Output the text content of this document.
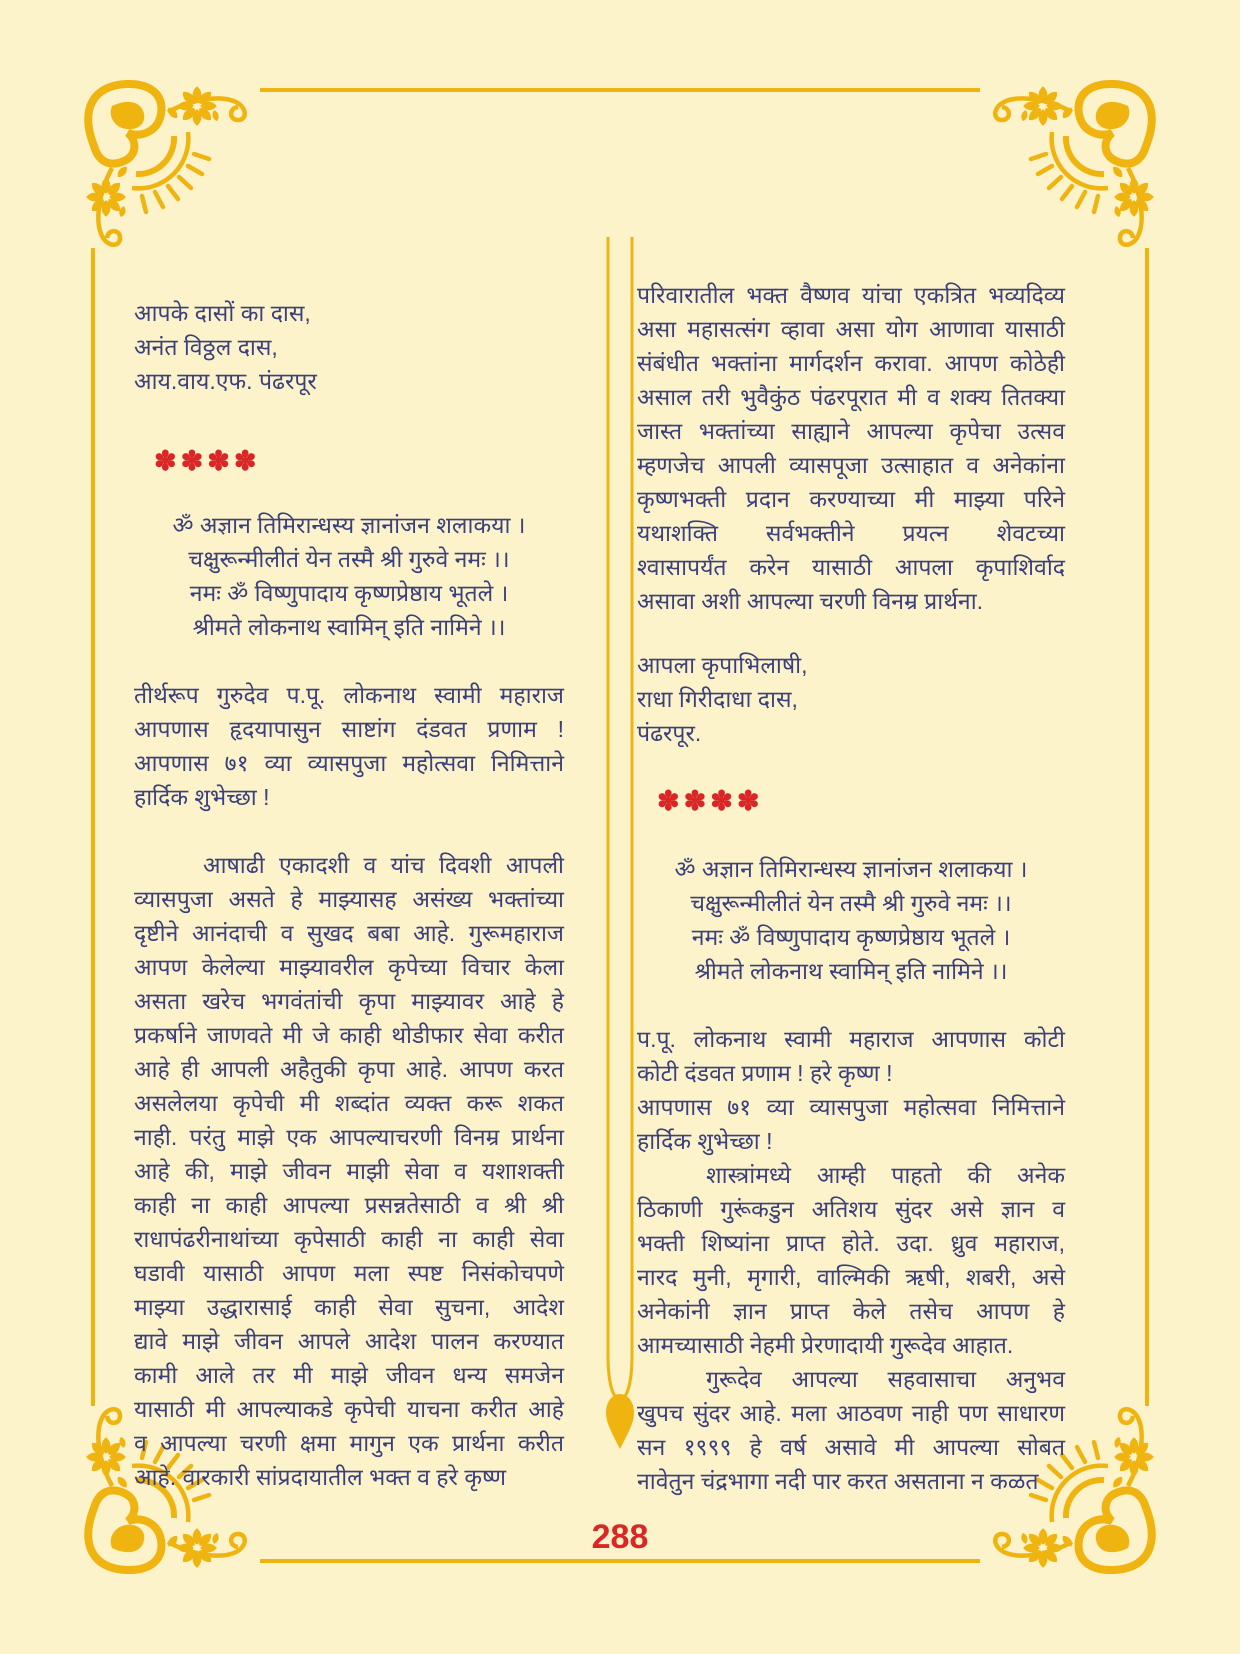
आपके दासों का दास,
अनंत विठ्ठल दास,
आय.वाय.एफ. पंढरपूर
✽✽✽✽
ॐ अज्ञान तिमिरान्धस्य ज्ञानांजन शलाकया ।
चक्षुरून्मीलीतं येन तस्मै श्री गुरुवे नमः ।।
नमः ॐ विष्णुपादाय कृष्णप्रेष्ठाय भूतले ।
श्रीमते लोकनाथ स्वामिन् इति नामिने ।।
तीर्थरूप गुरुदेव प.पू. लोकनाथ स्वामी महाराज
आपणास हृदयापासुन साष्टांग दंडवत प्रणाम !
आपणास ७१ व्या व्यासपुजा महोत्सवा निमित्ताने
हार्दिक शुभेच्छा !
   आषाढी एकादशी व यांच दिवशी आपली
व्यासपुजा असते हे माझ्यासह असंख्य भक्तांच्या
दृष्टीने आनंदाची व सुखद बबा आहे. गुरूमहाराज
आपण केलेल्या माझ्यावरील कृपेच्या विचार केला
असता खरेच भगवंतांची कृपा माझ्यावर आहे हे
प्रकर्षाने जाणवते मी जे काही थोडीफार सेवा करीत
आहे ही आपली अहैतुकी कृपा आहे. आपण करत
असलेलया कृपेची मी शब्दांत व्यक्त करू शकत
नाही. परंतु माझे एक आपल्याचरणी विनम्र प्रार्थना
आहे की, माझे जीवन माझी सेवा व यशाशक्ती
काही ना काही आपल्या प्रसन्नतेसाठी व श्री श्री
राधापंढरीनाथांच्या कृपेसाठी काही ना काही सेवा
घडावी यासाठी आपण मला स्पष्ट निसंकोचपणे
माझ्या उद्धारासाई काही सेवा सुचना, आदेश
द्यावे माझे जीवन आपले आदेश पालन करण्यात
कामी आले तर मी माझे जीवन धन्य समजेन
यासाठी मी आपल्याकडे कृपेची याचना करीत आहे
व आपल्या चरणी क्षमा मागुन एक प्रार्थना करीत
आहे. वारकारी सांप्रदायातील भक्त व हरे कृष्ण
परिवारातील भक्त वैष्णव यांचा एकत्रित भव्यदिव्य
असा महासत्संग व्हावा असा योग आणावा यासाठी
संबंधीत भक्तांना मार्गदर्शन करावा. आपण कोठेही
असाल तरी भुवैकुंठ पंढरपूरात मी व शक्य तितक्या
जास्त भक्तांच्या साह्याने आपल्या कृपेचा उत्सव
म्हणजेच आपली व्यासपूजा उत्साहात व अनेकांना
कृष्णभक्ती प्रदान करण्याच्या मी माझ्या परिने
यथाशक्ति सर्वभक्तीने प्रयत्न शेवटच्या
श्वासापर्यंत करेन यासाठी आपला कृपाशिर्वाद
असावा अशी आपल्या चरणी विनम्र प्रार्थना.
आपला कृपाभिलाषी,
राधा गिरीदाधा दास,
पंढरपूर.
✽✽✽✽
ॐ अज्ञान तिमिरान्धस्य ज्ञानांजन शलाकया ।
चक्षुरून्मीलीतं येन तस्मै श्री गुरुवे नमः ।।
नमः ॐ विष्णुपादाय कृष्णप्रेष्ठाय भूतले ।
श्रीमते लोकनाथ स्वामिन् इति नामिने ।।
प.पू. लोकनाथ स्वामी महाराज आपणास कोटी
कोटी दंडवत प्रणाम ! हरे कृष्ण !
आपणास ७१ व्या व्यासपुजा महोत्सवा निमित्ताने
हार्दिक शुभेच्छा !
   शास्त्रांमध्ये आम्ही पाहतो की अनेक
ठिकाणी गुरूंकडुन अतिशय सुंदर असे ज्ञान व
भक्ती शिष्यांना प्राप्त होते. उदा. ध्रुव महाराज,
नारद मुनी, मृगारी, वाल्मिकी ऋषी, शबरी, असे
अनेकांनी ज्ञान प्राप्त केले तसेच आपण हे
आमच्यासाठी नेहमी प्रेरणादायी गुरूदेव आहात.
   गुरूदेव आपल्या सहवासाचा अनुभव
खुपच सुंदर आहे. मला आठवण नाही पण साधारण
सन १९९९ हे वर्ष असावे मी आपल्या सोबत
नावेतुन चंद्रभागा नदी पार करत असताना न कळत
288
